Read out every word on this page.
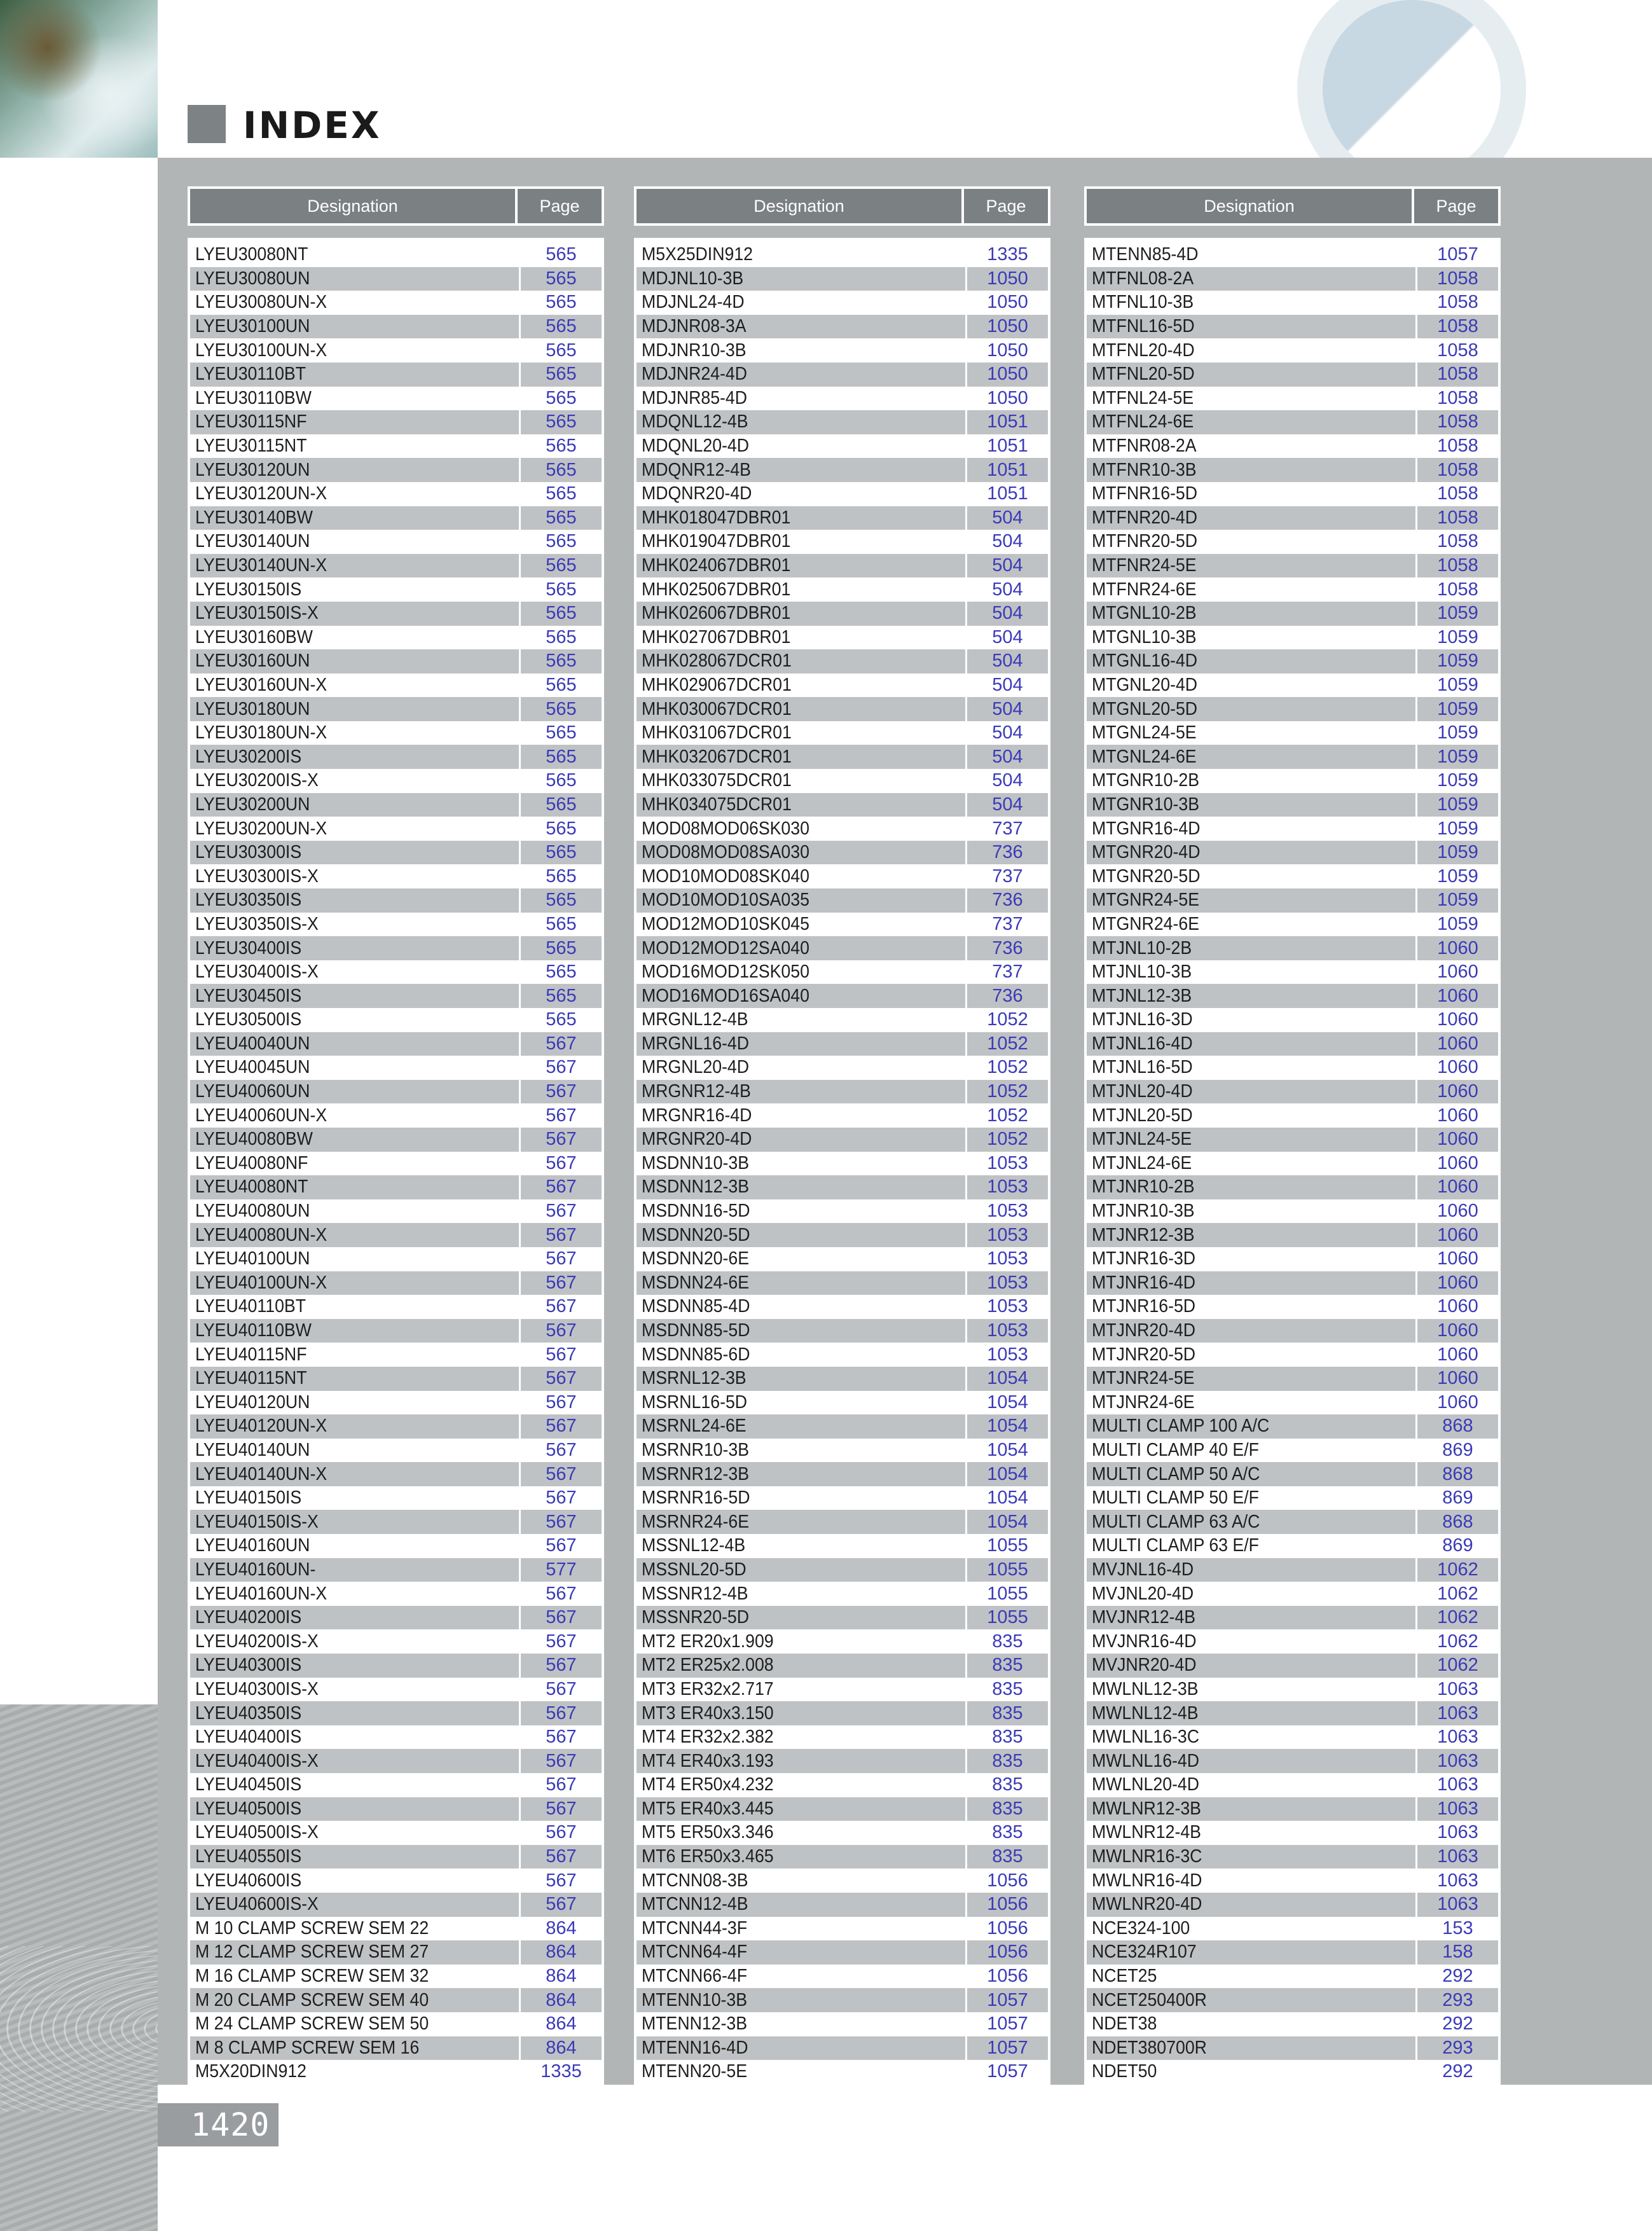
INDEX
1420
Designation	Page
LYEU30080NT	565
LYEU30080UN	565
LYEU30080UN-X	565
LYEU30100UN	565
LYEU30100UN-X	565
LYEU30110BT	565
LYEU30110BW	565
LYEU30115NF	565
LYEU30115NT	565
LYEU30120UN	565
LYEU30120UN-X	565
LYEU30140BW	565
LYEU30140UN	565
LYEU30140UN-X	565
LYEU30150IS	565
LYEU30150IS-X	565
LYEU30160BW	565
LYEU30160UN	565
LYEU30160UN-X	565
LYEU30180UN	565
LYEU30180UN-X	565
LYEU30200IS	565
LYEU30200IS-X	565
LYEU30200UN	565
LYEU30200UN-X	565
LYEU30300IS	565
LYEU30300IS-X	565
LYEU30350IS	565
LYEU30350IS-X	565
LYEU30400IS	565
LYEU30400IS-X	565
LYEU30450IS	565
LYEU30500IS	565
LYEU40040UN	567
LYEU40045UN	567
LYEU40060UN	567
LYEU40060UN-X	567
LYEU40080BW	567
LYEU40080NF	567
LYEU40080NT	567
LYEU40080UN	567
LYEU40080UN-X	567
LYEU40100UN	567
LYEU40100UN-X	567
LYEU40110BT	567
LYEU40110BW	567
LYEU40115NF	567
LYEU40115NT	567
LYEU40120UN	567
LYEU40120UN-X	567
LYEU40140UN	567
LYEU40140UN-X	567
LYEU40150IS	567
LYEU40150IS-X	567
LYEU40160UN	567
LYEU40160UN-	577
LYEU40160UN-X	567
LYEU40200IS	567
LYEU40200IS-X	567
LYEU40300IS	567
LYEU40300IS-X	567
LYEU40350IS	567
LYEU40400IS	567
LYEU40400IS-X	567
LYEU40450IS	567
LYEU40500IS	567
LYEU40500IS-X	567
LYEU40550IS	567
LYEU40600IS	567
LYEU40600IS-X	567
M 10 CLAMP SCREW SEM 22	864
M 12 CLAMP SCREW SEM 27	864
M 16 CLAMP SCREW SEM 32	864
M 20 CLAMP SCREW SEM 40	864
M 24 CLAMP SCREW SEM 50	864
M 8 CLAMP SCREW SEM 16	864
M5X20DIN912	1335
Designation	Page
M5X25DIN912	1335
MDJNL10-3B	1050
MDJNL24-4D	1050
MDJNR08-3A	1050
MDJNR10-3B	1050
MDJNR24-4D	1050
MDJNR85-4D	1050
MDQNL12-4B	1051
MDQNL20-4D	1051
MDQNR12-4B	1051
MDQNR20-4D	1051
MHK018047DBR01	504
MHK019047DBR01	504
MHK024067DBR01	504
MHK025067DBR01	504
MHK026067DBR01	504
MHK027067DBR01	504
MHK028067DCR01	504
MHK029067DCR01	504
MHK030067DCR01	504
MHK031067DCR01	504
MHK032067DCR01	504
MHK033075DCR01	504
MHK034075DCR01	504
MOD08MOD06SK030	737
MOD08MOD08SA030	736
MOD10MOD08SK040	737
MOD10MOD10SA035	736
MOD12MOD10SK045	737
MOD12MOD12SA040	736
MOD16MOD12SK050	737
MOD16MOD16SA040	736
MRGNL12-4B	1052
MRGNL16-4D	1052
MRGNL20-4D	1052
MRGNR12-4B	1052
MRGNR16-4D	1052
MRGNR20-4D	1052
MSDNN10-3B	1053
MSDNN12-3B	1053
MSDNN16-5D	1053
MSDNN20-5D	1053
MSDNN20-6E	1053
MSDNN24-6E	1053
MSDNN85-4D	1053
MSDNN85-5D	1053
MSDNN85-6D	1053
MSRNL12-3B	1054
MSRNL16-5D	1054
MSRNL24-6E	1054
MSRNR10-3B	1054
MSRNR12-3B	1054
MSRNR16-5D	1054
MSRNR24-6E	1054
MSSNL12-4B	1055
MSSNL20-5D	1055
MSSNR12-4B	1055
MSSNR20-5D	1055
MT2 ER20x1.909	835
MT2 ER25x2.008	835
MT3 ER32x2.717	835
MT3 ER40x3.150	835
MT4 ER32x2.382	835
MT4 ER40x3.193	835
MT4 ER50x4.232	835
MT5 ER40x3.445	835
MT5 ER50x3.346	835
MT6 ER50x3.465	835
MTCNN08-3B	1056
MTCNN12-4B	1056
MTCNN44-3F	1056
MTCNN64-4F	1056
MTCNN66-4F	1056
MTENN10-3B	1057
MTENN12-3B	1057
MTENN16-4D	1057
MTENN20-5E	1057
Designation	Page
MTENN85-4D	1057
MTFNL08-2A	1058
MTFNL10-3B	1058
MTFNL16-5D	1058
MTFNL20-4D	1058
MTFNL20-5D	1058
MTFNL24-5E	1058
MTFNL24-6E	1058
MTFNR08-2A	1058
MTFNR10-3B	1058
MTFNR16-5D	1058
MTFNR20-4D	1058
MTFNR20-5D	1058
MTFNR24-5E	1058
MTFNR24-6E	1058
MTGNL10-2B	1059
MTGNL10-3B	1059
MTGNL16-4D	1059
MTGNL20-4D	1059
MTGNL20-5D	1059
MTGNL24-5E	1059
MTGNL24-6E	1059
MTGNR10-2B	1059
MTGNR10-3B	1059
MTGNR16-4D	1059
MTGNR20-4D	1059
MTGNR20-5D	1059
MTGNR24-5E	1059
MTGNR24-6E	1059
MTJNL10-2B	1060
MTJNL10-3B	1060
MTJNL12-3B	1060
MTJNL16-3D	1060
MTJNL16-4D	1060
MTJNL16-5D	1060
MTJNL20-4D	1060
MTJNL20-5D	1060
MTJNL24-5E	1060
MTJNL24-6E	1060
MTJNR10-2B	1060
MTJNR10-3B	1060
MTJNR12-3B	1060
MTJNR16-3D	1060
MTJNR16-4D	1060
MTJNR16-5D	1060
MTJNR20-4D	1060
MTJNR20-5D	1060
MTJNR24-5E	1060
MTJNR24-6E	1060
MULTI CLAMP 100 A/C	868
MULTI CLAMP 40 E/F	869
MULTI CLAMP 50 A/C	868
MULTI CLAMP 50 E/F	869
MULTI CLAMP 63 A/C	868
MULTI CLAMP 63 E/F	869
MVJNL16-4D	1062
MVJNL20-4D	1062
MVJNR12-4B	1062
MVJNR16-4D	1062
MVJNR20-4D	1062
MWLNL12-3B	1063
MWLNL12-4B	1063
MWLNL16-3C	1063
MWLNL16-4D	1063
MWLNL20-4D	1063
MWLNR12-3B	1063
MWLNR12-4B	1063
MWLNR16-3C	1063
MWLNR16-4D	1063
MWLNR20-4D	1063
NCE324-100	153
NCE324R107	158
NCET25	292
NCET250400R	293
NDET38	292
NDET380700R	293
NDET50	292
